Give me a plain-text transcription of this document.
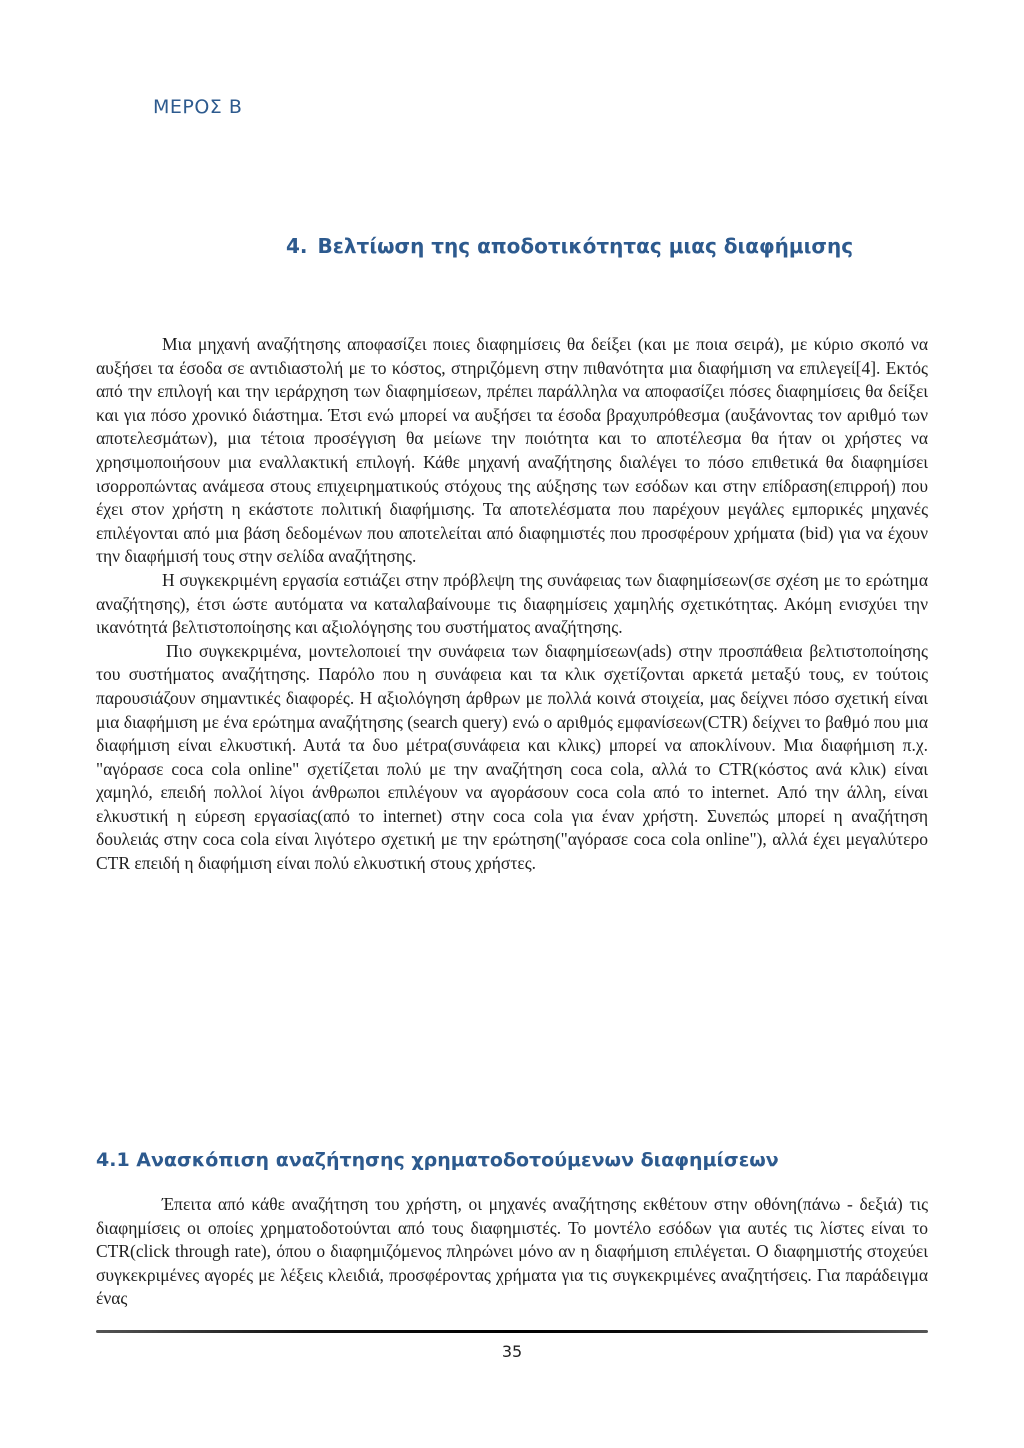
ΜΕΡΟΣ Β
4. Βελτίωση της αποδοτικότητας μιας διαφήμισης

Μια μηχανή αναζήτησης αποφασίζει ποιες διαφημίσεις θα δείξει (και με ποια σειρά), με κύριο σκοπό να αυξήσει τα έσοδα σε αντιδιαστολή με το κόστος, στηριζόμενη στην πιθανότητα μια διαφήμιση να επιλεγεί[4]. Εκτός από την επιλογή και την ιεράρχηση των διαφημίσεων, πρέπει παράλληλα να αποφασίζει πόσες διαφημίσεις θα δείξει και για πόσο χρονικό διάστημα. Έτσι ενώ μπορεί να αυξήσει τα έσοδα βραχυπρόθεσμα (αυξάνοντας τον αριθμό των αποτελεσμάτων), μια τέτοια προσέγγιση θα μείωνε την ποιότητα και το αποτέλεσμα θα ήταν οι χρήστες να χρησιμοποιήσουν μια εναλλακτική επιλογή. Κάθε μηχανή αναζήτησης διαλέγει το πόσο επιθετικά θα διαφημίσει ισορροπώντας ανάμεσα στους επιχειρηματικούς στόχους της αύξησης των εσόδων και στην επίδραση(επιρροή) που έχει στον χρήστη η εκάστοτε πολιτική διαφήμισης. Τα αποτελέσματα που παρέχουν μεγάλες εμπορικές μηχανές επιλέγονται από μια βάση δεδομένων που αποτελείται από διαφημιστές που προσφέρουν χρήματα (bid) για να έχουν την διαφήμισή τους στην σελίδα αναζήτησης.

Η συγκεκριμένη εργασία εστιάζει στην πρόβλεψη της συνάφειας των διαφημίσεων(σε σχέση με το ερώτημα αναζήτησης), έτσι ώστε αυτόματα να καταλαβαίνουμε τις διαφημίσεις χαμηλής σχετικότητας. Ακόμη ενισχύει την ικανότητά βελτιστοποίησης και αξιολόγησης του συστήματος αναζήτησης.

Πιο συγκεκριμένα, μοντελοποιεί την συνάφεια των διαφημίσεων(ads) στην προσπάθεια βελτιστοποίησης του συστήματος αναζήτησης. Παρόλο που η συνάφεια και τα κλικ σχετίζονται αρκετά μεταξύ τους, εν τούτοις παρουσιάζουν σημαντικές διαφορές. Η αξιολόγηση άρθρων με πολλά κοινά στοιχεία, μας δείχνει πόσο σχετική είναι μια διαφήμιση με ένα ερώτημα αναζήτησης (search query) ενώ ο αριθμός εμφανίσεων(CTR) δείχνει το βαθμό που μια διαφήμιση είναι ελκυστική. Αυτά τα δυο μέτρα(συνάφεια και κλικς) μπορεί να αποκλίνουν. Μια διαφήμιση π.χ. "αγόρασε coca cola online" σχετίζεται πολύ με την αναζήτηση coca cola, αλλά το CTR(κόστος ανά κλικ) είναι χαμηλό, επειδή πολλοί λίγοι άνθρωποι επιλέγουν να αγοράσουν coca cola από το internet. Από την άλλη, είναι ελκυστική η εύρεση εργασίας(από το internet) στην coca cola για έναν χρήστη. Συνεπώς μπορεί η αναζήτηση δουλειάς στην coca cola είναι λιγότερο σχετική με την ερώτηση("αγόρασε coca cola online"), αλλά έχει μεγαλύτερο CTR επειδή η διαφήμιση είναι πολύ ελκυστική στους χρήστες.

4.1 Ανασκόπιση αναζήτησης χρηματοδοτούμενων διαφημίσεων

Έπειτα από κάθε αναζήτηση του χρήστη, οι μηχανές αναζήτησης εκθέτουν στην οθόνη(πάνω - δεξιά) τις διαφημίσεις οι οποίες χρηματοδοτούνται από τους διαφημιστές. Το μοντέλο εσόδων για αυτές τις λίστες είναι το CTR(click through rate), όπου ο διαφημιζόμενος πληρώνει μόνο αν η διαφήμιση επιλέγεται. Ο διαφημιστής στοχεύει συγκεκριμένες αγορές με λέξεις κλειδιά, προσφέροντας χρήματα για τις συγκεκριμένες αναζητήσεις. Για παράδειγμα ένας

35
